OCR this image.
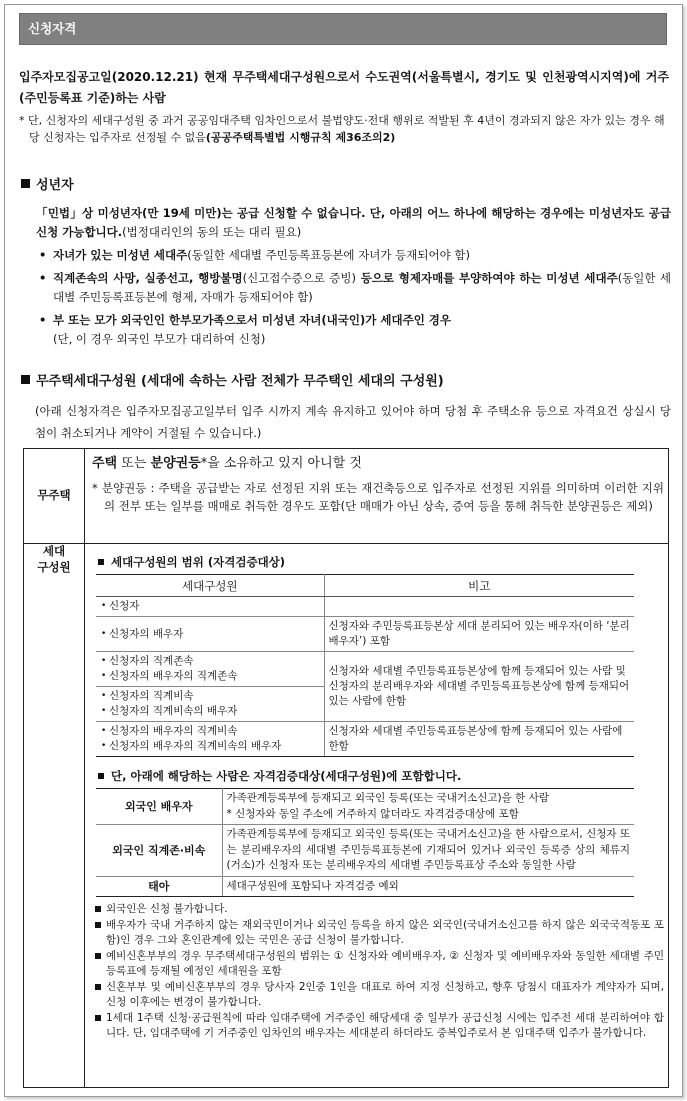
신청자격
입주자모집공고일(2020.12.21) 현재 무주택세대구성원으로서 수도권역(서울특별시, 경기도 및 인천광역시지역)에 거주(주민등록표 기준)하는 사람
* 단, 신청자의 세대구성원 중 과거 공공임대주택 임차인으로서 불법양도·전대 행위로 적발된 후 4년이 경과되지 않은 자가 있는 경우 해당 신청자는 입주자로 선정될 수 없음(공공주택특별법 시행규칙 제36조의2)
성년자
「민법」상 미성년자(만 19세 미만)는 공급 신청할 수 없습니다. 단, 아래의 어느 하나에 해당하는 경우에는 미성년자도 공급신청 가능합니다.(법정대리인의 동의 또는 대리 필요)
• 자녀가 있는 미성년 세대주(동일한 세대별 주민등록표등본에 자녀가 등재되어야 함)
• 직계존속의 사망, 실종선고, 행방불명(신고접수증으로 증빙) 등으로 형제자매를 부양하여야 하는 미성년 세대주(동일한 세대별 주민등록표등본에 형제, 자매가 등재되어야 함)
• 부 또는 모가 외국인인 한부모가족으로서 미성년 자녀(내국인)가 세대주인 경우
(단, 이 경우 외국인 부모가 대리하여 신청)
무주택세대구성원 (세대에 속하는 사람 전체가 무주택인 세대의 구성원)
(아래 신청자격은 입주자모집공고일부터 입주 시까지 계속 유지하고 있어야 하며 당첨 후 주택소유 등으로 자격요건 상실시 당첨이 취소되거나 계약이 거절될 수 있습니다.)
무주택
세대
구성원
주택 또는 분양권등*을 소유하고 있지 아니할 것
* 분양권등 : 주택을 공급받는 자로 선정된 지위 또는 재건축등으로 입주자로 선정된 지위를 의미하며 이러한 지위의 전부 또는 일부를 매매로 취득한 경우도 포함(단 매매가 아닌 상속, 증여 등을 통해 취득한 분양권등은 제외)
세대구성원의 범위 (자격검증대상)
세대구성원	비고

• 신청자

• 신청자의 배우자	신청자와 주민등록표등본상 세대 분리되어 있는 배우자(이하 ‘분리배우자’) 포함

• 신청자의 직계존속
• 신청자의 배우자의 직계존속	신청자와 세대별 주민등록표등본상에 함께 등재되어 있는 사람 및 신청자의 분리배우자와 세대별 주민등록표등본상에 함께 등재되어 있는 사람에 한함

• 신청자의 직계비속
• 신청자의 직계비속의 배우자

• 신청자의 배우자의 직계비속
• 신청자의 배우자의 직계비속의 배우자	신청자와 세대별 주민등록표등본상에 함께 등재되어 있는 사람에 한함
단, 아래에 해당하는 사람은 자격검증대상(세대구성원)에 포함합니다.
외국인 배우자	가족관계등록부에 등재되고 외국인 등록(또는 국내거소신고)을 한 사람
* 신청자와 동일 주소에 거주하지 않더라도 자격검증대상에 포함

외국인 직계존·비속	가족관계등록부에 등재되고 외국인 등록(또는 국내거소신고)을 한 사람으로서, 신청자 또는 분리배우자의 세대별 주민등록표등본에 기재되어 있거나 외국인 등록증 상의 체류지(거소)가 신청자 또는 분리배우자의 세대별 주민등록표상 주소와 동일한 사람
태아	세대구성원에 포함되나 자격검증 예외
외국인은 신청 불가합니다.
배우자가 국내 거주하지 않는 재외국민이거나 외국인 등록을 하지 않은 외국인(국내거소신고를 하지 않은 외국국적동포 포함)인 경우 그와 혼인관계에 있는 국민은 공급 신청이 불가합니다.
예비신혼부부의 경우 무주택세대구성원의 범위는 ① 신청자와 예비배우자, ② 신청자 및 예비배우자와 동일한 세대별 주민등록표에 등재될 예정인 세대원을 포함
신혼부부 및 예비신혼부부의 경우 당사자 2인중 1인을 대표로 하여 지정 신청하고, 향후 당첨시 대표자가 계약자가 되며, 신청 이후에는 변경이 불가합니다.
1세대 1주택 신청·공급원칙에 따라 임대주택에 거주중인 해당세대 중 일부가 공급신청 시에는 입주전 세대 분리하여야 합니다. 단, 임대주택에 기 거주중인 임차인의 배우자는 세대분리 하더라도 중복입주로서 본 임대주택 입주가 불가합니다.
